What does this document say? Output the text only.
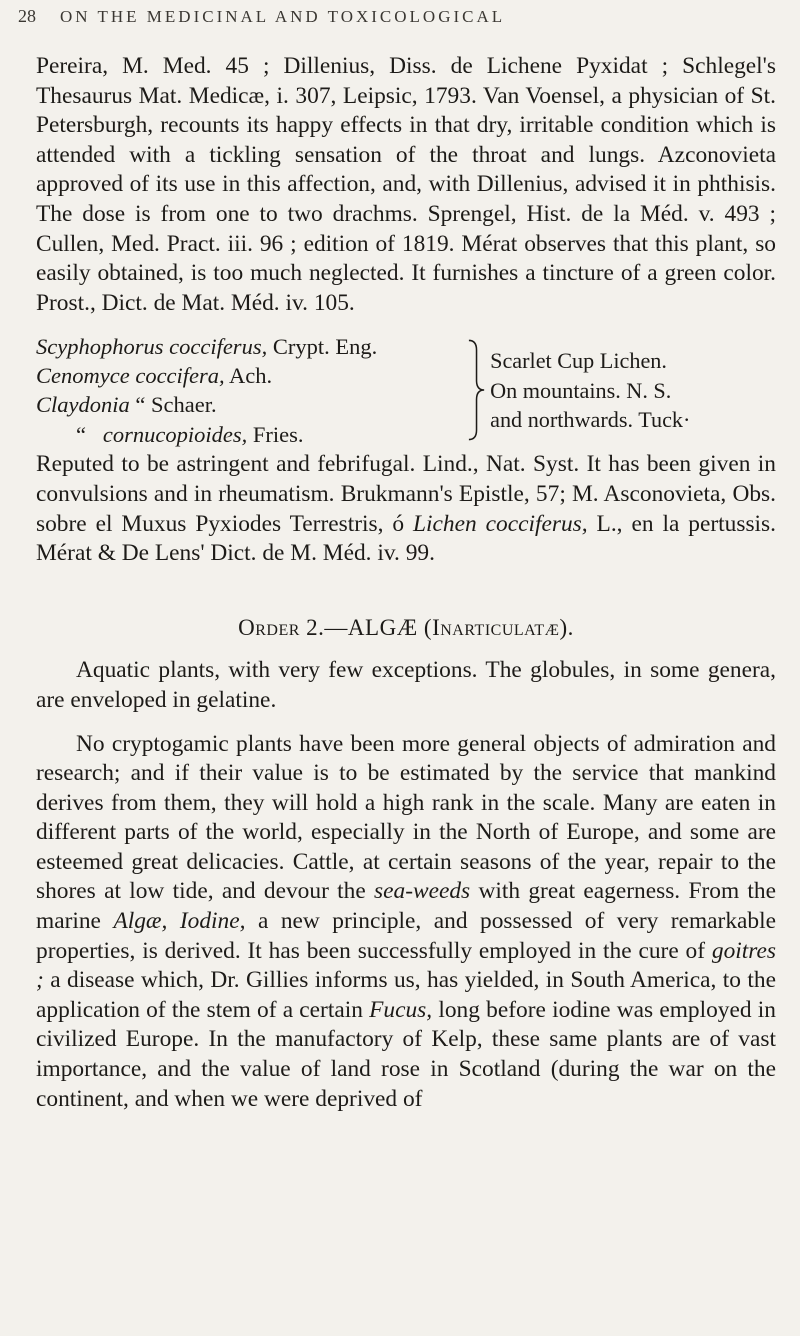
28 ON THE MEDICINAL AND TOXICOLOGICAL

Pereira, M. Med. 45 ; Dillenius, Diss. de Lichene Pyxidat ; Schlegel's Thesaurus Mat. Medicæ, i. 307, Leipsic, 1793. Van Voensel, a physician of St. Petersburgh, recounts its happy effects in that dry, irritable condition which is attended with a tickling sensation of the throat and lungs. Azconovieta approved of its use in this affection, and, with Dillenius, advised it in phthisis. The dose is from one to two drachms. Sprengel, Hist. de la Méd. v. 493 ; Cullen, Med. Pract. iii. 96 ; edition of 1819. Mérat observes that this plant, so easily obtained, is too much neglected. It furnishes a tincture of a green color. Prost., Dict. de Mat. Méd. iv. 105.

Scyphophorus cocciferus, Crypt. Eng.
Cenomyce coccifera, Ach.
Claydonia “ Schaer.
“ cornucopioides, Fries.
Scarlet Cup Lichen.
On mountains. N. S.
and northwards. Tuck·

Reputed to be astringent and febrifugal. Lind., Nat. Syst. It has been given in convulsions and in rheumatism. Brukmann's Epistle, 57; M. Asconovieta, Obs. sobre el Muxus Pyxiodes Terrestris, ó Lichen cocciferus, L., en la pertussis. Mérat & De Lens' Dict. de M. Méd. iv. 99.

Order 2.—ALGÆ (Inarticulatæ).

Aquatic plants, with very few exceptions. The globules, in some genera, are enveloped in gelatine.

No cryptogamic plants have been more general objects of admiration and research; and if their value is to be estimated by the service that mankind derives from them, they will hold a high rank in the scale. Many are eaten in different parts of the world, especially in the North of Europe, and some are esteemed great delicacies. Cattle, at certain seasons of the year, repair to the shores at low tide, and devour the sea-weeds with great eagerness. From the marine Algæ, Iodine, a new principle, and possessed of very remarkable properties, is derived. It has been successfully employed in the cure of goitres ; a disease which, Dr. Gillies informs us, has yielded, in South America, to the application of the stem of a certain Fucus, long before iodine was employed in civilized Europe. In the manufactory of Kelp, these same plants are of vast importance, and the value of land rose in Scotland (during the war on the continent, and when we were deprived of
